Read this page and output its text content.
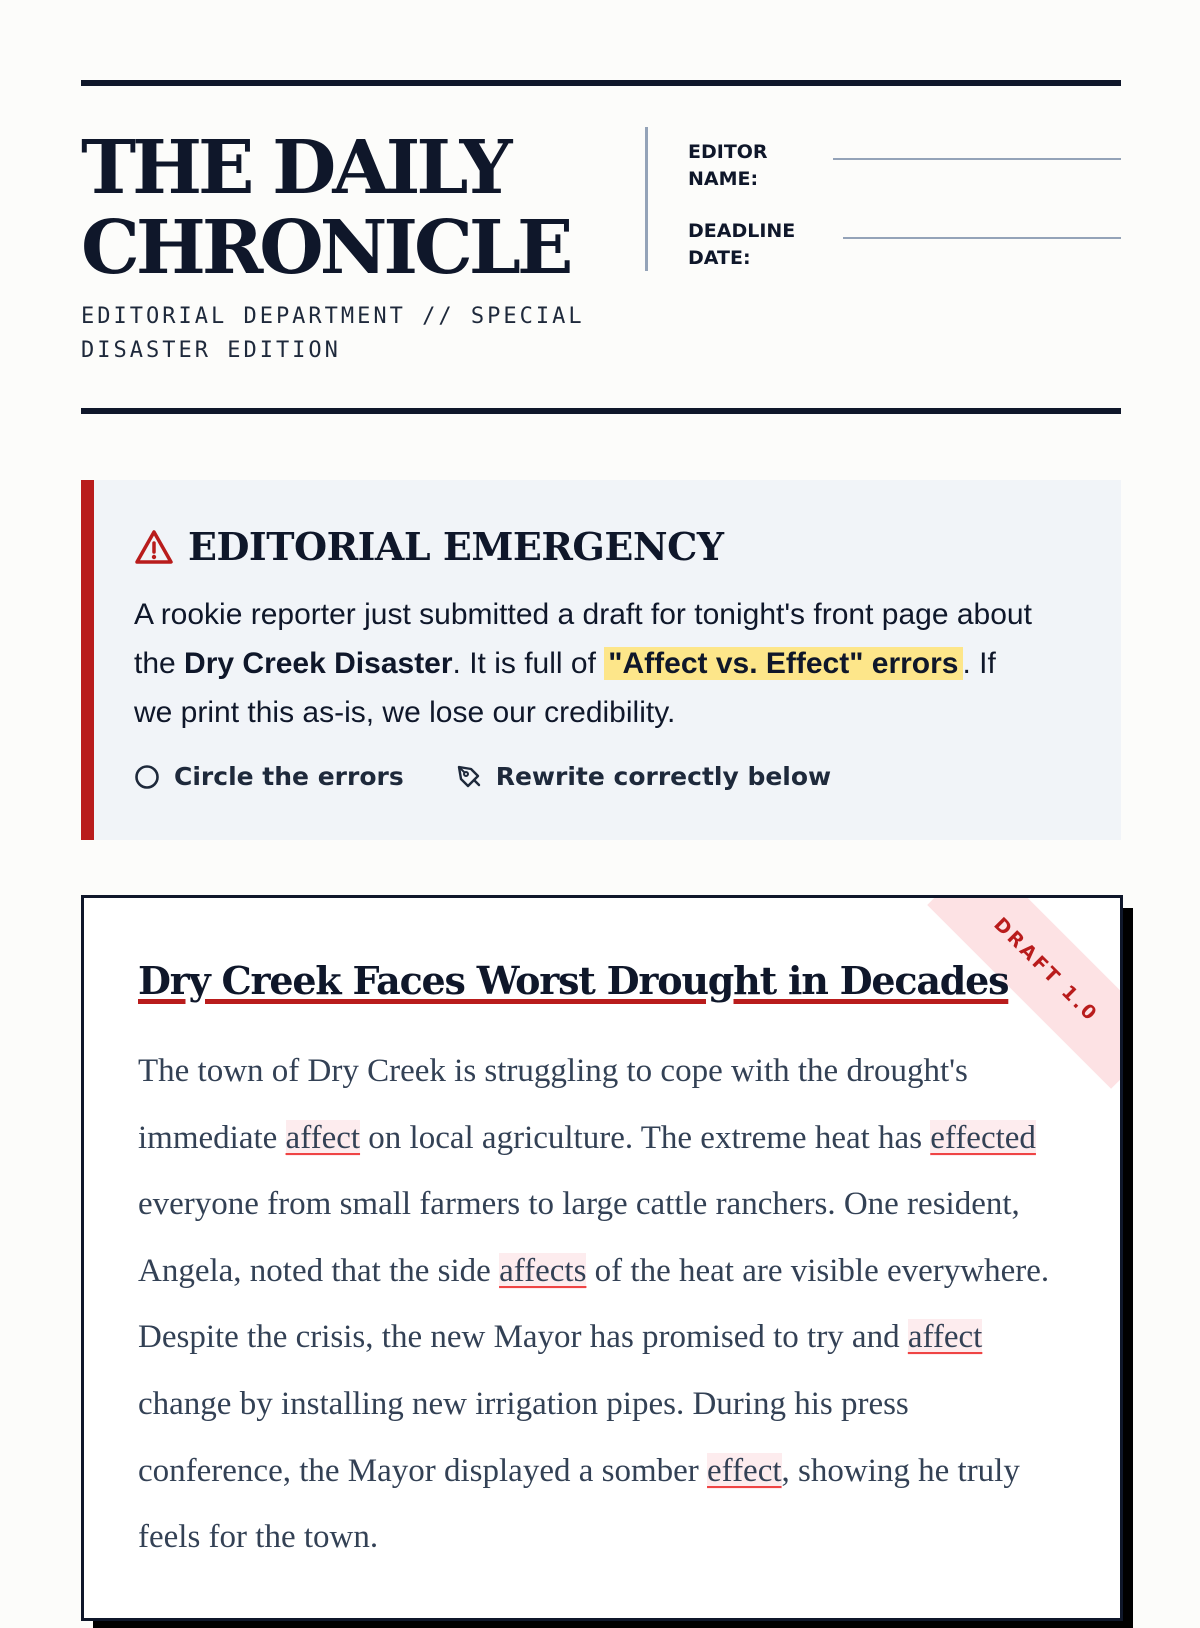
THE DAILY
CHRONICLE
EDITORIAL DEPARTMENT // SPECIAL
DISASTER EDITION
EDITOR
NAME:
DEADLINE
DATE:
EDITORIAL EMERGENCY
A rookie reporter just submitted a draft for tonight's front page about the Dry Creek Disaster. It is full of "Affect vs. Effect" errors . If we print this as-is, we lose our credibility.
Circle the errors	Rewrite correctly below
DRAFT 1.0
Dry Creek Faces Worst Drought in Decades
The town of Dry Creek is struggling to cope with the drought's immediate affect on local agriculture. The extreme heat has effected everyone from small farmers to large cattle ranchers. One resident, Angela, noted that the side affects of the heat are visible everywhere. Despite the crisis, the new Mayor has promised to try and affect change by installing new irrigation pipes. During his press conference, the Mayor displayed a somber effect, showing he truly feels for the town.
